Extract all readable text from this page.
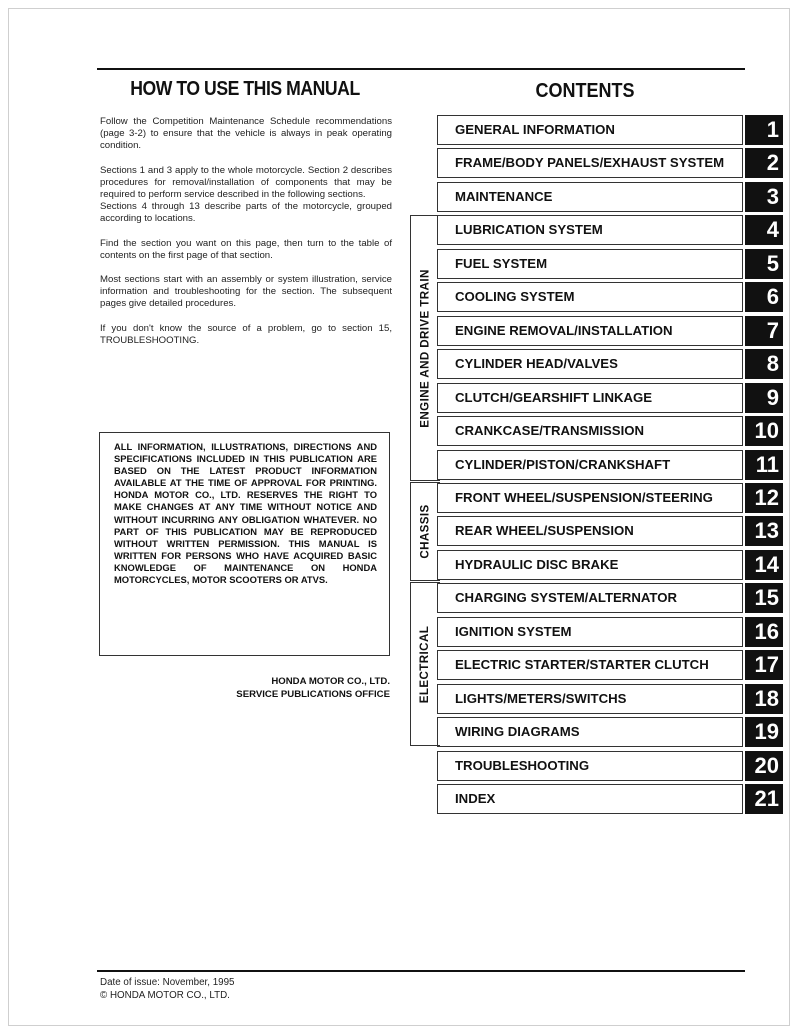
HOW TO USE THIS MANUAL

Follow the Competition Maintenance Schedule recommendations (page 3-2) to ensure that the vehicle is always in peak operating condition.

Sections 1 and 3 apply to the whole motorcycle. Section 2 describes procedures for removal/installation of components that may be required to perform service described in the following sections.

Sections 4 through 13 describe parts of the motorcycle, grouped according to locations.

Find the section you want on this page, then turn to the table of contents on the first page of that section.

Most sections start with an assembly or system illustration, service information and troubleshooting for the section. The subsequent pages give detailed procedures.

If you don't know the source of a problem, go to section 15, TROUBLESHOOTING.

ALL INFORMATION, ILLUSTRATIONS, DIRECTIONS AND SPECIFICATIONS INCLUDED IN THIS PUBLICATION ARE BASED ON THE LATEST PRODUCT INFORMATION AVAILABLE AT THE TIME OF APPROVAL FOR PRINTING. HONDA MOTOR CO., LTD. RESERVES THE RIGHT TO MAKE CHANGES AT ANY TIME WITHOUT NOTICE AND WITHOUT INCURRING ANY OBLIGATION WHATEVER. NO PART OF THIS PUBLICATION MAY BE REPRODUCED WITHOUT WRITTEN PERMISSION. THIS MANUAL IS WRITTEN FOR PERSONS WHO HAVE ACQUIRED BASIC KNOWLEDGE OF MAINTENANCE ON HONDA MOTORCYCLES, MOTOR SCOOTERS OR ATVS.
HONDA MOTOR CO., LTD.
SERVICE PUBLICATIONS OFFICE
CONTENTS
GENERAL INFORMATION	1
FRAME/BODY PANELS/EXHAUST SYSTEM	2
MAINTENANCE	3
LUBRICATION SYSTEM	4
FUEL SYSTEM	5
COOLING SYSTEM	6
ENGINE REMOVAL/INSTALLATION	7
CYLINDER HEAD/VALVES	8
CLUTCH/GEARSHIFT LINKAGE	9
CRANKCASE/TRANSMISSION	10
CYLINDER/PISTON/CRANKSHAFT	11
FRONT WHEEL/SUSPENSION/STEERING	12
REAR WHEEL/SUSPENSION	13
HYDRAULIC DISC BRAKE	14
CHARGING SYSTEM/ALTERNATOR	15
IGNITION SYSTEM	16
ELECTRIC STARTER/STARTER CLUTCH	17
LIGHTS/METERS/SWITCHS	18
WIRING DIAGRAMS	19
TROUBLESHOOTING	20
INDEX	21
ENGINE AND DRIVE TRAIN
CHASSIS
ELECTRICAL
Date of issue: November, 1995
© HONDA MOTOR CO., LTD.
